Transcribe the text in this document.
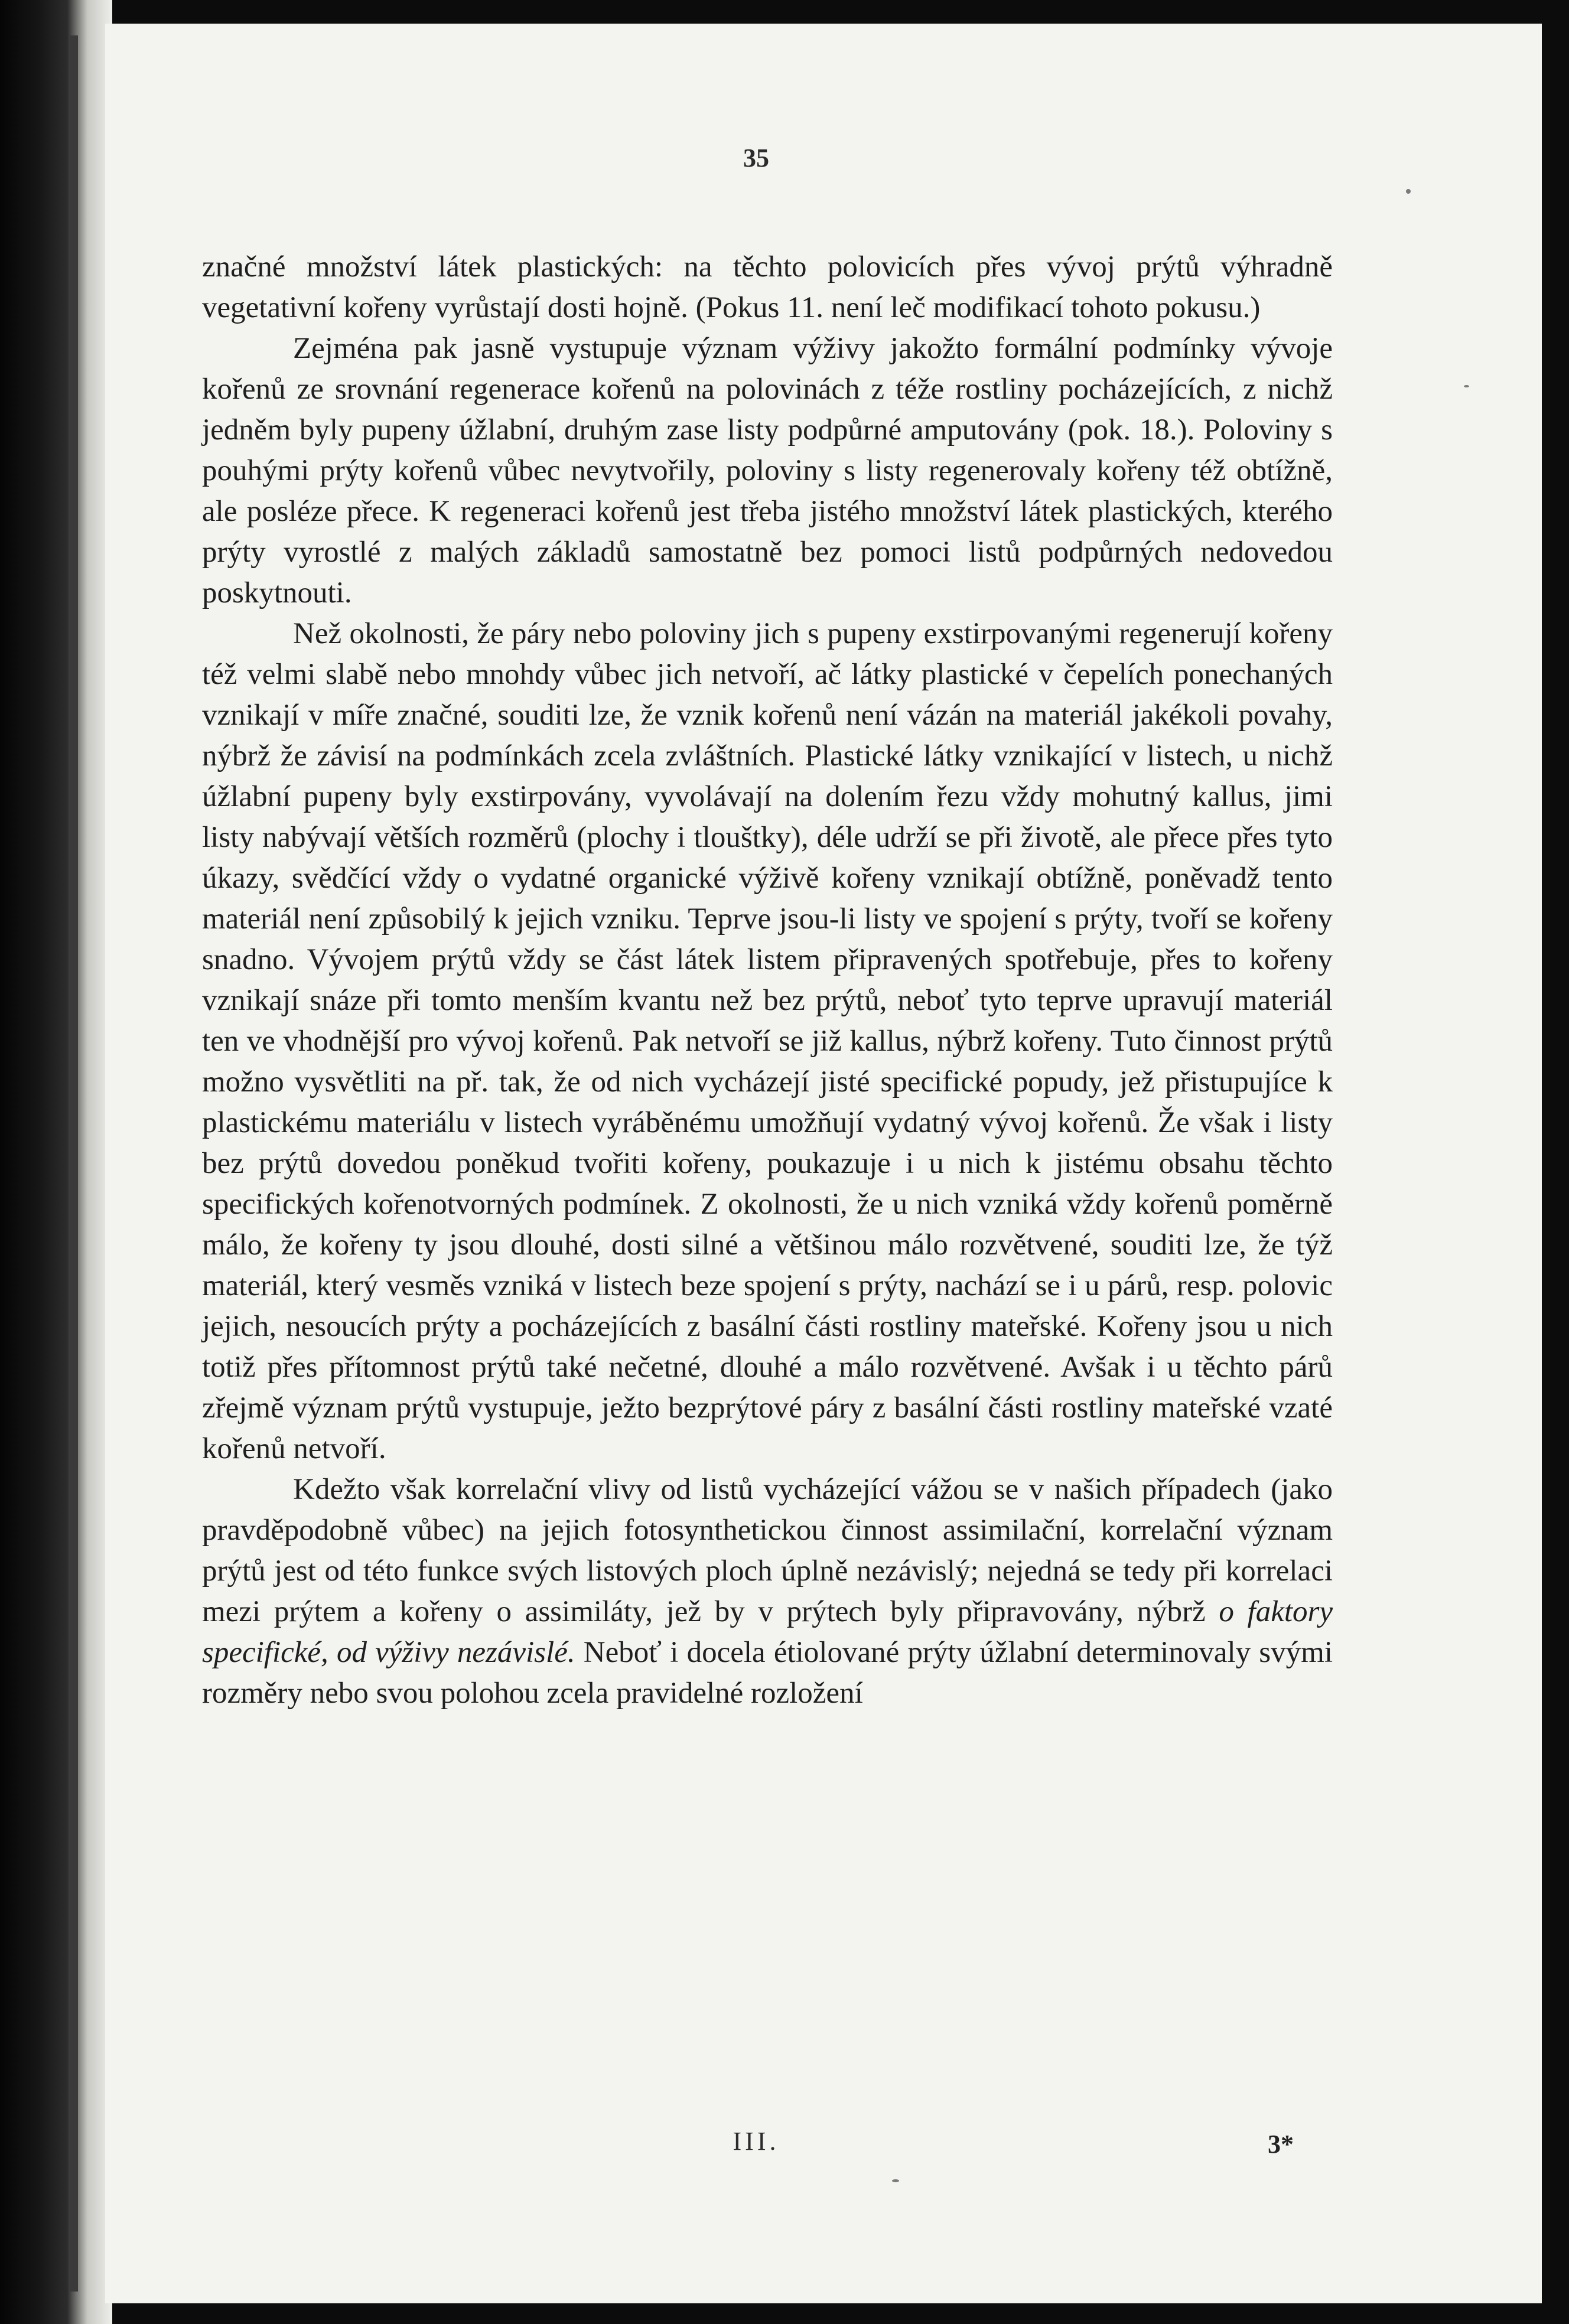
35

značné množství látek plastických: na těchto polovicích přes vývoj prýtů výhradně vegetativní kořeny vyrůstají dosti hojně. (Pokus 11. není leč modifikací tohoto pokusu.)

Zejména pak jasně vystupuje význam výživy jakožto formální podmínky vývoje kořenů ze srovnání regenerace kořenů na polovinách z téže rostliny pocházejících, z nichž jedněm byly pupeny úžlabní, druhým zase listy podpůrné amputovány (pok. 18.). Poloviny s pouhými prýty kořenů vůbec nevytvořily, poloviny s listy regenerovaly kořeny též obtížně, ale posléze přece. K regeneraci kořenů jest třeba jistého množství látek plastických, kterého prýty vyrostlé z malých základů samostatně bez pomoci listů podpůrných nedovedou poskytnouti.

Než okolnosti, že páry nebo poloviny jich s pupeny exstirpovanými regenerují kořeny též velmi slabě nebo mnohdy vůbec jich netvoří, ač látky plastické v čepelích ponechaných vznikají v míře značné, souditi lze, že vznik kořenů není vázán na materiál jakékoli povahy, nýbrž že závisí na podmínkách zcela zvláštních. Plastické látky vznikající v listech, u nichž úžlabní pupeny byly exstirpovány, vyvolávají na dolením řezu vždy mohutný kallus, jimi listy nabývají větších rozměrů (plochy i tlouštky), déle udrží se při životě, ale přece přes tyto úkazy, svědčící vždy o vydatné organické výživě kořeny vznikají obtížně, poněvadž tento materiál není způsobilý k jejich vzniku. Teprve jsou-li listy ve spojení s prýty, tvoří se kořeny snadno. Vývojem prýtů vždy se část látek listem připravených spotřebuje, přes to kořeny vznikají snáze při tomto menším kvantu než bez prýtů, neboť tyto teprve upravují materiál ten ve vhodnější pro vývoj kořenů. Pak netvoří se již kallus, nýbrž kořeny. Tuto činnost prýtů možno vysvětliti na př. tak, že od nich vycházejí jisté specifické popudy, jež přistupujíce k plastickému materiálu v listech vyráběnému umožňují vydatný vývoj kořenů. Že však i listy bez prýtů dovedou poněkud tvořiti kořeny, poukazuje i u nich k jistému obsahu těchto specifických kořenotvorných podmínek. Z okolnosti, že u nich vzniká vždy kořenů poměrně málo, že kořeny ty jsou dlouhé, dosti silné a většinou málo rozvětvené, souditi lze, že týž materiál, který vesměs vzniká v listech beze spojení s prýty, nachází se i u párů, resp. polovic jejich, nesoucích prýty a pocházejících z basální části rostliny mateřské. Kořeny jsou u nich totiž přes přítomnost prýtů také nečetné, dlouhé a málo rozvětvené. Avšak i u těchto párů zřejmě význam prýtů vystupuje, ježto bezprýtové páry z basální části rostliny mateřské vzaté kořenů netvoří.

Kdežto však korrelační vlivy od listů vycházející vážou se v našich případech (jako pravděpodobně vůbec) na jejich fotosynthetickou činnost assimilační, korrelační význam prýtů jest od této funkce svých listových ploch úplně nezávislý; nejedná se tedy při korrelaci mezi prýtem a kořeny o assimiláty, jež by v prýtech byly připravovány, nýbrž o faktory specifické, od výživy nezávislé. Neboť i docela étiolované prýty úžlabní determinovaly svými rozměry nebo svou polohou zcela pravidelné rozložení

3*
III.
